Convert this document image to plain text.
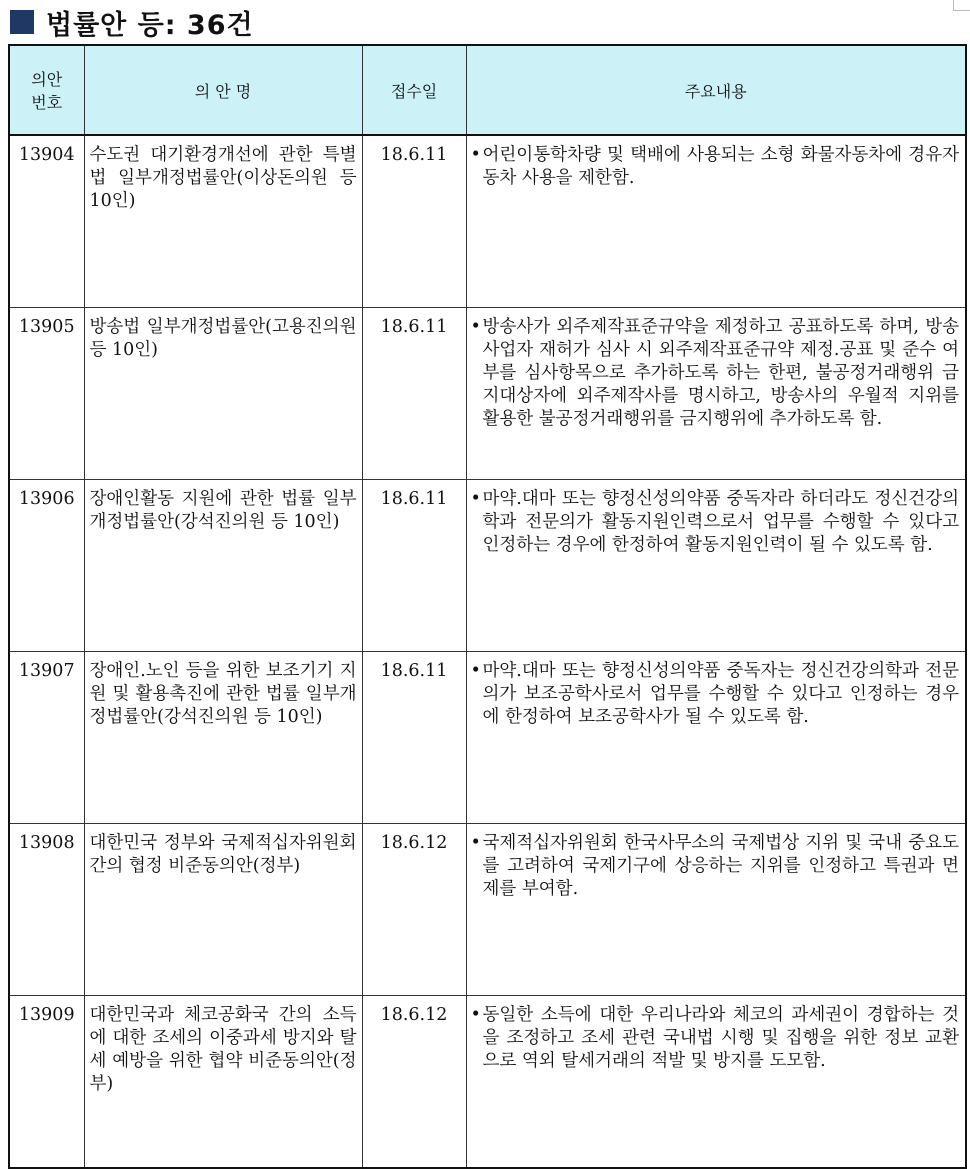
법률안 등: 36건
의안
번호	의 안 명	접수일	주요내용
13904	수도권 대기환경개선에 관한 특별법 일부개정법률안(이상돈의원 등 10인)	18.6.11	• 어린이통학차량 및 택배에 사용되는 소형 화물자동차에 경유자동차 사용을 제한함.

13905	방송법 일부개정법률안(고용진의원 등 10인)	18.6.11	• 방송사가 외주제작표준규약을 제정하고 공표하도록 하며, 방송사업자 재허가 심사 시 외주제작표준규약 제정.공표 및 준수 여부를 심사항목으로 추가하도록 하는 한편, 불공정거래행위 금지대상자에 외주제작사를 명시하고, 방송사의 우월적 지위를 활용한 불공정거래행위를 금지행위에 추가하도록 함.

13906	장애인활동 지원에 관한 법률 일부개정법률안(강석진의원 등 10인)	18.6.11	• 마약.대마 또는 향정신성의약품 중독자라 하더라도 정신건강의학과 전문의가 활동지원인력으로서 업무를 수행할 수 있다고 인정하는 경우에 한정하여 활동지원인력이 될 수 있도록 함.

13907	장애인.노인 등을 위한 보조기기 지원 및 활용촉진에 관한 법률 일부개정법률안(강석진의원 등 10인)	18.6.11	• 마약.대마 또는 향정신성의약품 중독자는 정신건강의학과 전문의가 보조공학사로서 업무를 수행할 수 있다고 인정하는 경우에 한정하여 보조공학사가 될 수 있도록 함.

13908	대한민국 정부와 국제적십자위원회 간의 협정 비준동의안(정부)	18.6.12	• 국제적십자위원회 한국사무소의 국제법상 지위 및 국내 중요도를 고려하여 국제기구에 상응하는 지위를 인정하고 특권과 면제를 부여함.

13909	대한민국과 체코공화국 간의 소득에 대한 조세의 이중과세 방지와 탈세 예방을 위한 협약 비준동의안(정부)	18.6.12	• 동일한 소득에 대한 우리나라와 체코의 과세권이 경합하는 것을 조정하고 조세 관련 국내법 시행 및 집행을 위한 정보 교환으로 역외 탈세거래의 적발 및 방지를 도모함.
